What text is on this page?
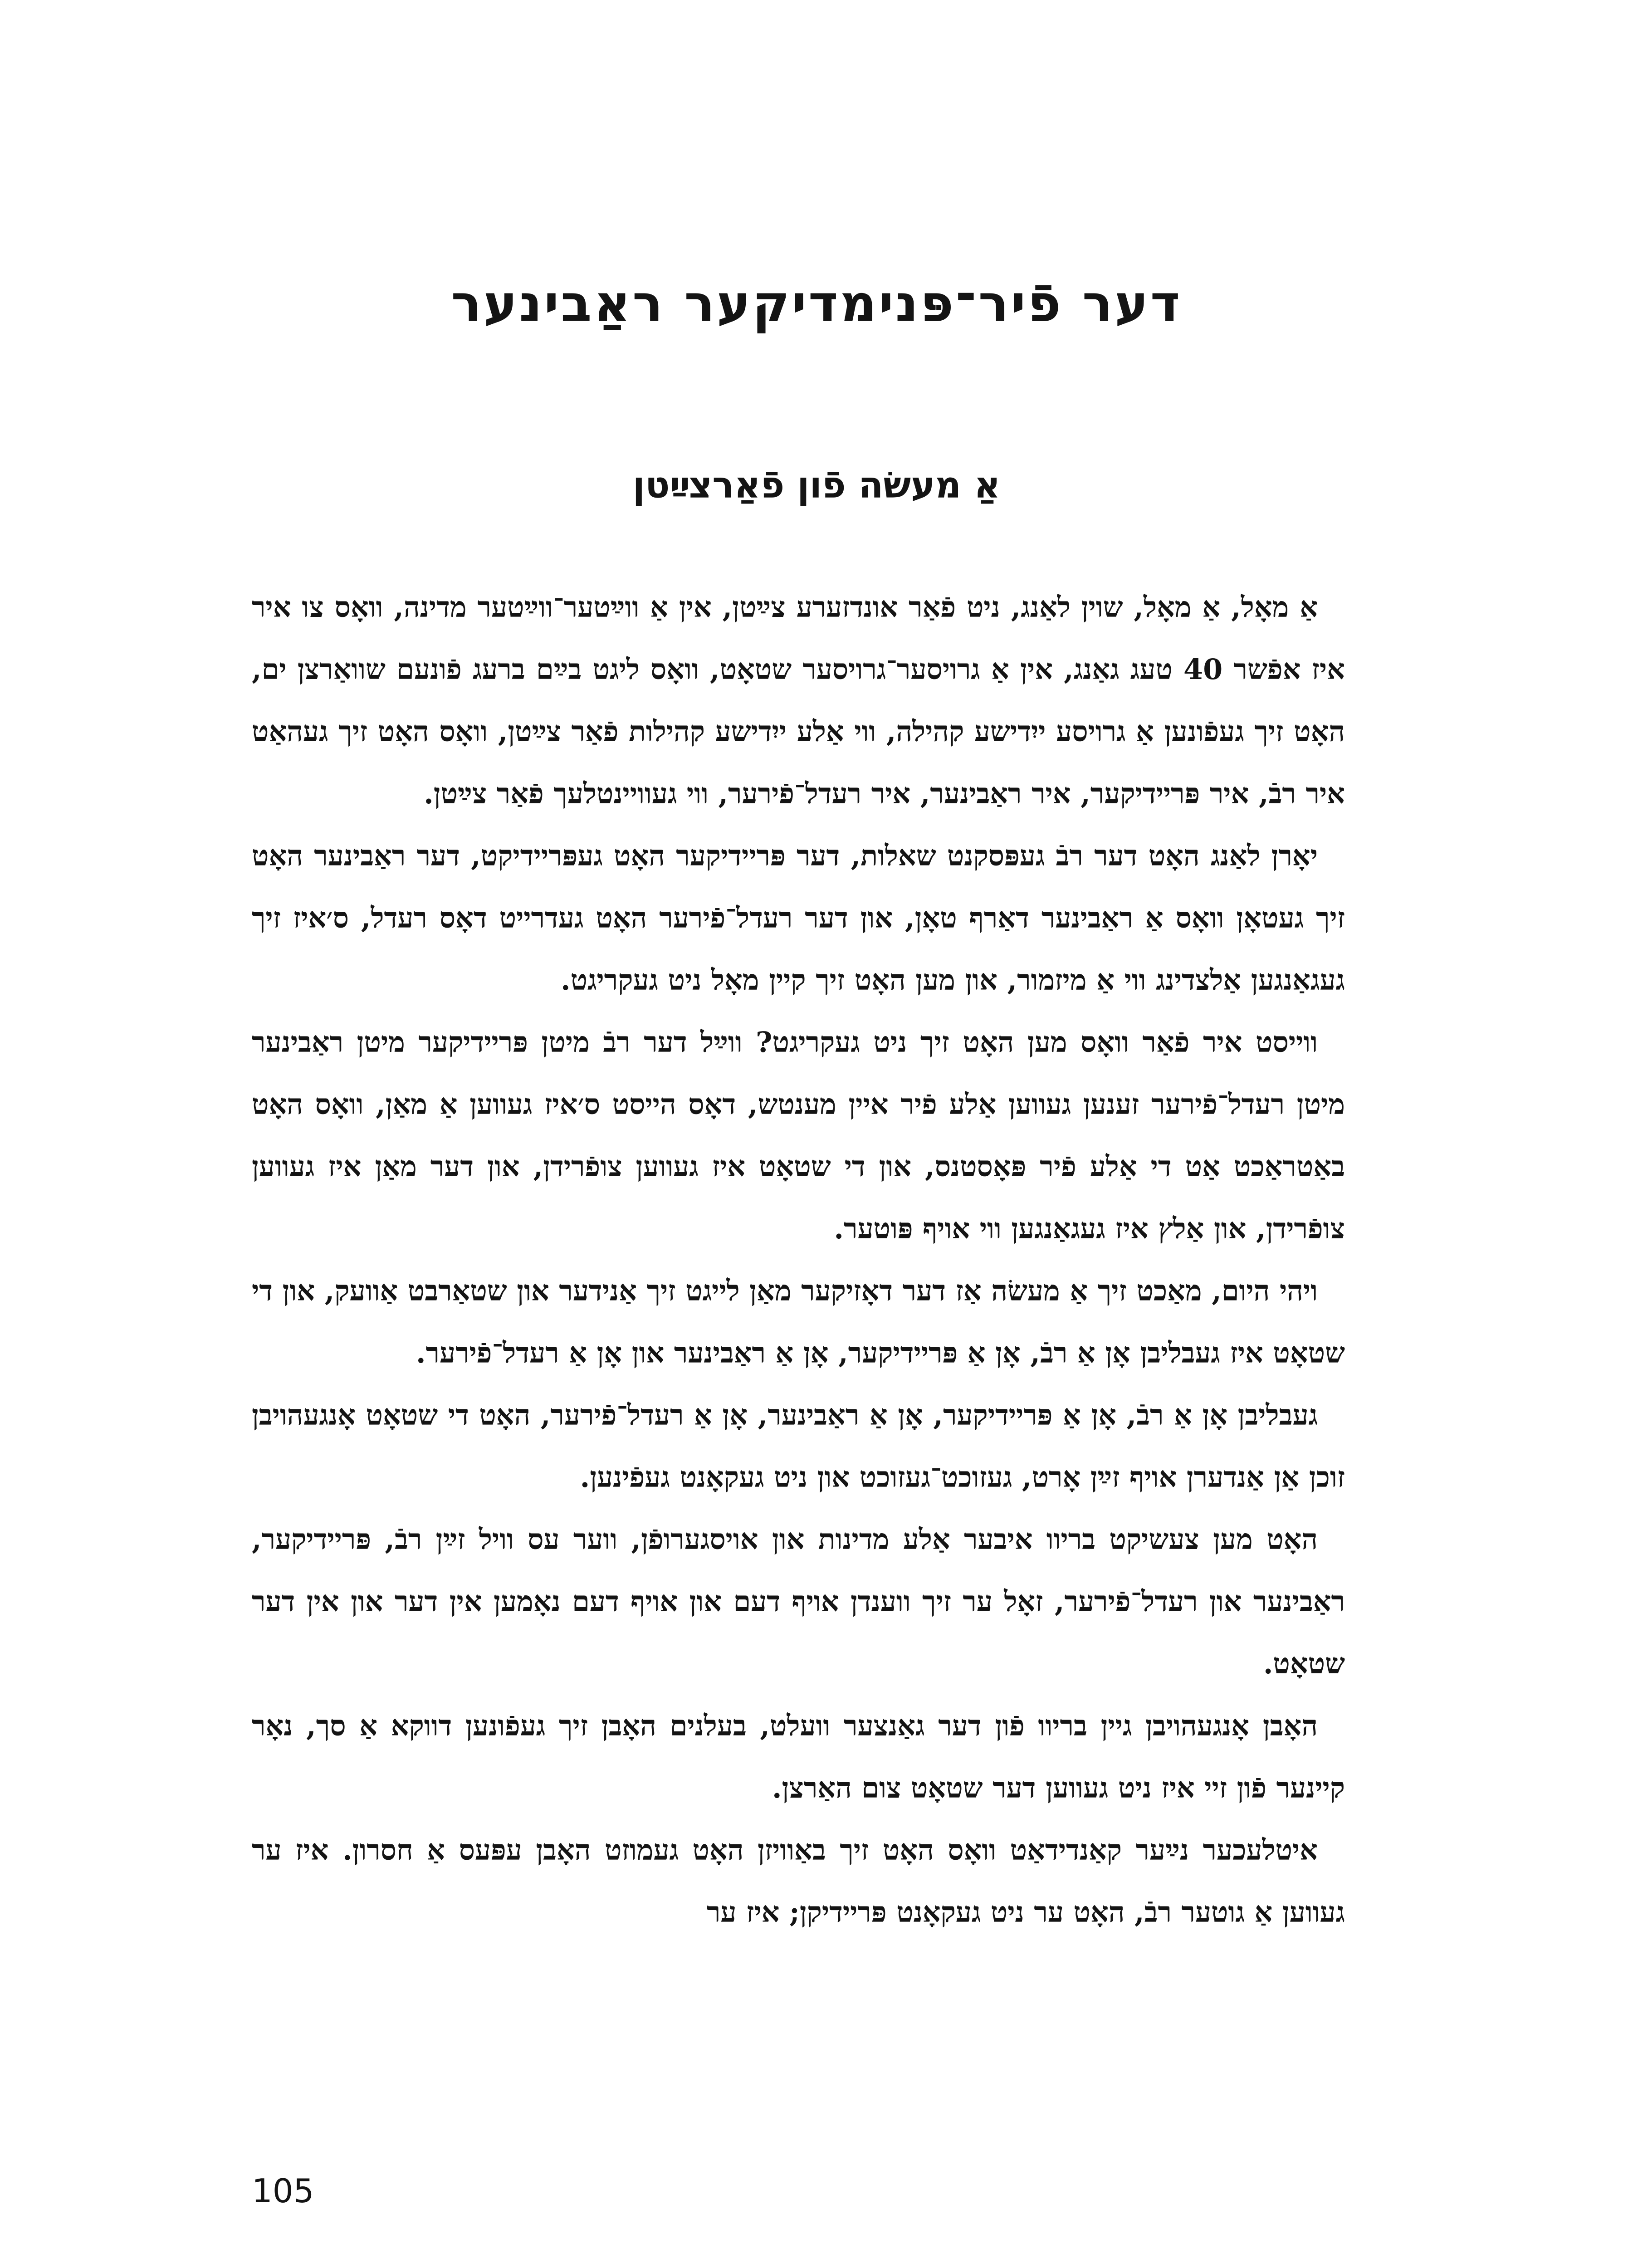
דער פֿיר־פּנימדיקער ראַבינער
אַ מעשׂה פֿון פֿאַרצײַטן

אַ מאָל, אַ מאָל, שוין לאַנג, ניט פֿאַר אונדזערע צײַטן, אין אַ ווײַטער־ווײַטער מדינה, וואָס צו איר איז אפֿשר 40 טעג גאַנג, אין אַ גרויסער־גרויסער שטאָט, וואָס ליגט בײַם ברעג פֿונעם שוואַרצן ים, האָט זיך געפֿונען אַ גרויסע ייִדישע קהילה, ווי אַלע ייִדישע קהילות פֿאַר צײַטן, וואָס האָט זיך געהאַט איר רבֿ, איר פּריידיקער, איר ראַבינער, איר רעדל־פֿירער, ווי געוויינטלעך פֿאַר צײַטן.

יאָרן לאַנג האָט דער רבֿ געפּסקנט שאלות, דער פּריידיקער האָט געפּריידיקט, דער ראַבינער האָט זיך געטאָן וואָס אַ ראַבינער דאַרף טאָן, און דער רעדל־פֿירער האָט געדרייט דאָס רעדל, ס׳איז זיך געגאַנגען אַלצדינג ווי אַ מיזמור, און מען האָט זיך קיין מאָל ניט געקריגט.

ווייסט איר פֿאַר וואָס מען האָט זיך ניט געקריגט? ווײַל דער רבֿ מיטן פּריידיקער מיטן ראַבינער מיטן רעדל־פֿירער זענען געווען אַלע פֿיר איין מענטש, דאָס הייסט ס׳איז געווען אַ מאַן, וואָס האָט באַטראַכט אַט די אַלע פֿיר פּאָסטנס, און די שטאָט איז געווען צופֿרידן, און דער מאַן איז געווען צופֿרידן, און אַלץ איז געגאַנגען ווי אויף פּוטער.

ויהי היום, מאַכט זיך אַ מעשׂה אַז דער דאָזיקער מאַן לייגט זיך אַנידער און שטאַרבט אַוועק, און די שטאָט איז געבליבן אָן אַ רבֿ, אָן אַ פּריידיקער, אָן אַ ראַבינער און אָן אַ רעדל־פֿירער.

געבליבן אָן אַ רבֿ, אָן אַ פּריידיקער, אָן אַ ראַבינער, אָן אַ רעדל־פֿירער, האָט די שטאָט אָנגעהויבן זוכן אַן אַנדערן אויף זײַן אָרט, געזוכט־געזוכט און ניט געקאָנט געפֿינען.

האָט מען צעשיקט בריוו איבער אַלע מדינות און אויסגערופֿן, ווער עס וויל זײַן רבֿ, פּריידיקער, ראַבינער און רעדל־פֿירער, זאָל ער זיך ווענדן אויף דעם און אויף דעם נאָמען אין דער און אין דער שטאָט.

האָבן אָנגעהויבן גיין בריוו פֿון דער גאַנצער וועלט, בעלנים האָבן זיך געפֿונען דווקא אַ סך, נאָר קיינער פֿון זיי איז ניט געווען דער שטאָט צום האַרצן.

איטלעכער נײַער קאַנדידאַט וואָס האָט זיך באַוויזן האָט געמוזט האָבן עפּעס אַ חסרון. איז ער געווען אַ גוטער רבֿ, האָט ער ניט געקאָנט פּריידיקן; איז ער

105
